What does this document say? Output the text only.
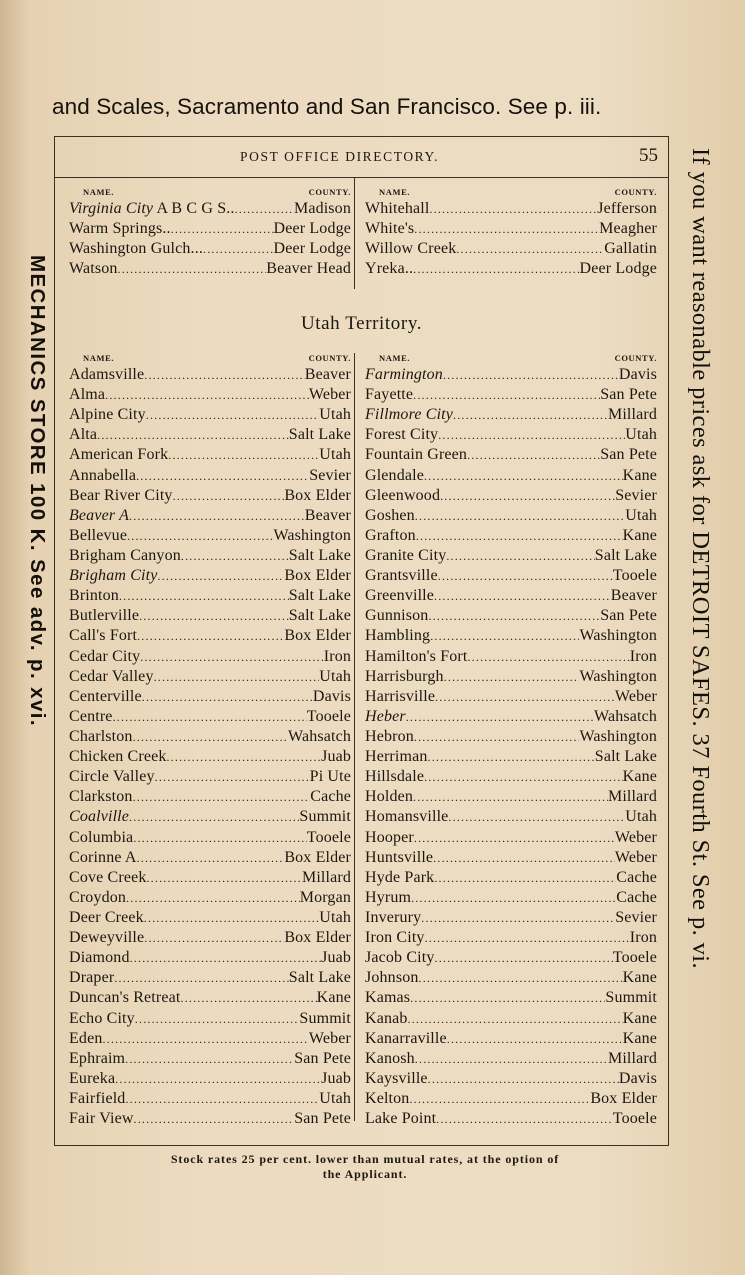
and Scales, Sacramento and San Francisco. See p. iii.
POST OFFICE DIRECTORY.	55
NAME.	COUNTY.
Virginia City A B C G S.. .....	Madison
Warm Springs.. .....	Deer Lodge
Washington Gulch... .....	Deer Lodge
Watson .....	Beaver Head
NAME.	COUNTY.
Whitehall .....	Jefferson
White's .....	Meagher
Willow Creek .....	Gallatin
Yreka.. .....	Deer Lodge
Utah Territory.
NAME.	COUNTY.
Adamsville .....	Beaver
Alma .....	Weber
Alpine City .....	Utah
Alta .....	Salt Lake
American Fork .....	Utah
Annabella .....	Sevier
Bear River City .....	Box Elder
Beaver A .....	Beaver
Bellevue .....	Washington
Brigham Canyon .....	Salt Lake
Brigham City .....	Box Elder
Brinton .....	Salt Lake
Butlerville .....	Salt Lake
Call's Fort .....	Box Elder
Cedar City .....	Iron
Cedar Valley .....	Utah
Centerville .....	Davis
Centre .....	Tooele
Charlston .....	Wahsatch
Chicken Creek .....	Juab
Circle Valley .....	Pi Ute
Clarkston .....	Cache
Coalville .....	Summit
Columbia .....	Tooele
Corinne A .....	Box Elder
Cove Creek .....	Millard
Croydon .....	Morgan
Deer Creek .....	Utah
Deweyville .....	Box Elder
Diamond .....	Juab
Draper .....	Salt Lake
Duncan's Retreat .....	Kane
Echo City .....	Summit
Eden .....	Weber
Ephraim .....	San Pete
Eureka .....	Juab
Fairfield .....	Utah
Fair View .....	San Pete
NAME.	COUNTY.
Farmington .....	Davis
Fayette .....	San Pete
Fillmore City .....	Millard
Forest City .....	Utah
Fountain Green .....	San Pete
Glendale .....	Kane
Gleenwood .....	Sevier
Goshen .....	Utah
Grafton .....	Kane
Granite City .....	Salt Lake
Grantsville .....	Tooele
Greenville .....	Beaver
Gunnison .....	San Pete
Hambling .....	Washington
Hamilton's Fort .....	Iron
Harrisburgh .....	Washington
Harrisville .....	Weber
Heber .....	Wahsatch
Hebron .....	Washington
Herriman .....	Salt Lake
Hillsdale .....	Kane
Holden .....	Millard
Homansville .....	Utah
Hooper .....	Weber
Huntsville .....	Weber
Hyde Park .....	Cache
Hyrum .....	Cache
Inverury .....	Sevier
Iron City .....	Iron
Jacob City .....	Tooele
Johnson .....	Kane
Kamas .....	Summit
Kanab .....	Kane
Kanarraville .....	Kane
Kanosh .....	Millard
Kaysville .....	Davis
Kelton .....	Box Elder
Lake Point .....	Tooele
Stock rates 25 per cent. lower than mutual rates, at the option of
the Applicant.
MECHANICS STORE 100 K. See adv. p. xvi.	If you want reasonable prices ask for DETROIT SAFES. 37 Fourth St. See p. vi.
